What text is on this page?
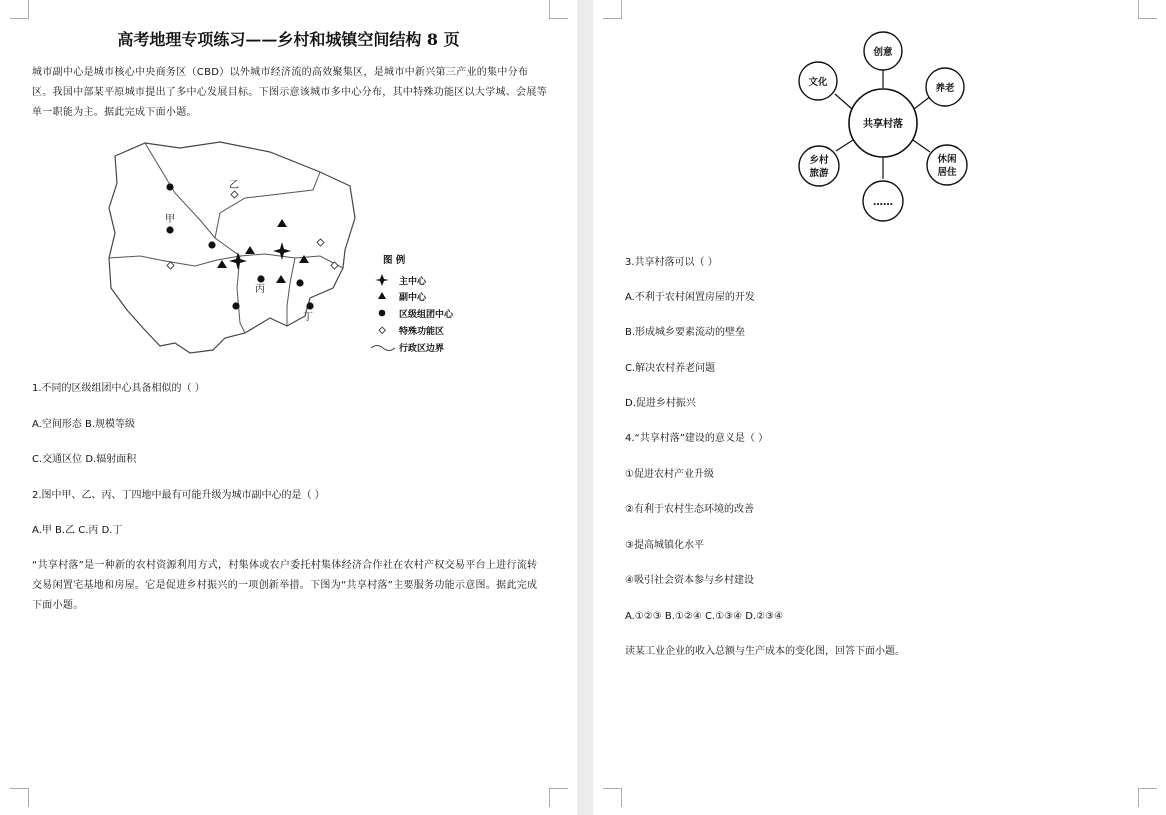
高考地理专项练习——乡村和城镇空间结构 8 页

城市副中心是城市核心中央商务区（CBD）以外城市经济流的高效聚集区，是城市中新兴第三产业的集中分布区。我国中部某平原城市提出了多中心发展目标。下图示意该城市多中心分布，其中特殊功能区以大学城、会展等单一职能为主。据此完成下面小题。

甲
乙
丙
丁
图 例
主中心
副中心
区级组团中心
特殊功能区
行政区边界
1.不同的区级组团中心具备相似的（ ）
A.空间形态 B.规模等级
C.交通区位 D.辐射面积
2.图中甲、乙、丙、丁四地中最有可能升级为城市副中心的是（ ）
A.甲 B.乙 C.丙 D.丁

“共享村落”是一种新的农村资源利用方式，村集体或农户委托村集体经济合作社在农村产权交易平台上进行流转交易闲置宅基地和房屋。它是促进乡村振兴的一项创新举措。下图为“共享村落”主要服务功能示意图。据此完成下面小题。

共享村落
创意
文化
养老
乡村
旅游
休闲
居住
……
3.共享村落可以（ ）
A.不利于农村闲置房屋的开发
B.形成城乡要素流动的壁垒
C.解决农村养老问题
D.促进乡村振兴
4.“共享村落”建设的意义是（ ）
①促进农村产业升级
②有利于农村生态环境的改善
③提高城镇化水平
④吸引社会资本参与乡村建设
A.①②③ B.①②④ C.①③④ D.②③④
读某工业企业的收入总额与生产成本的变化图，回答下面小题。
